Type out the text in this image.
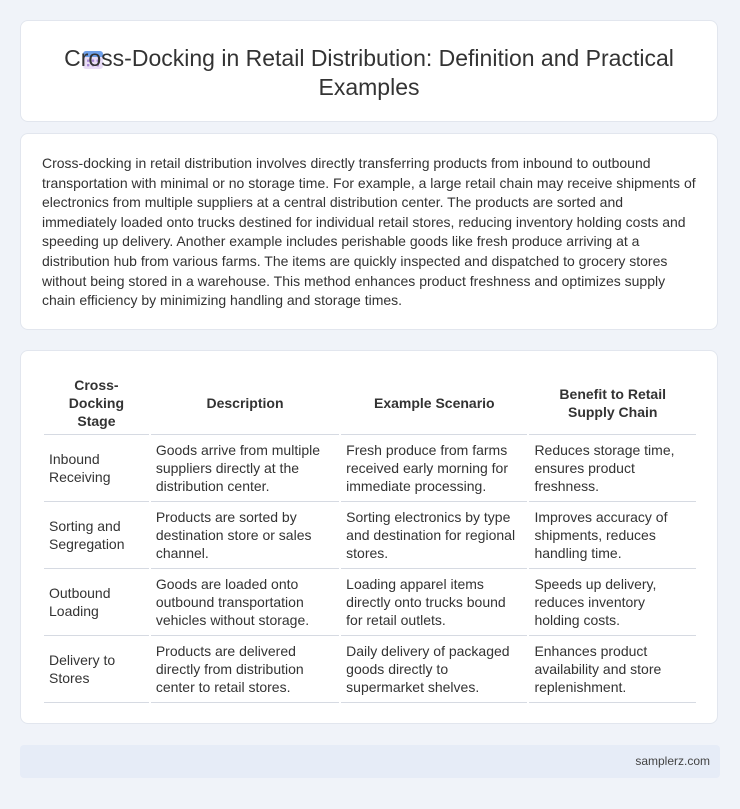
Cross-Docking in Retail Distribution: Definition and Practical Examples
Cross-docking in retail distribution involves directly transferring products from inbound to outbound transportation with minimal or no storage time. For example, a large retail chain may receive shipments of electronics from multiple suppliers at a central distribution center. The products are sorted and immediately loaded onto trucks destined for individual retail stores, reducing inventory holding costs and speeding up delivery. Another example includes perishable goods like fresh produce arriving at a distribution hub from various farms. The items are quickly inspected and dispatched to grocery stores without being stored in a warehouse. This method enhances product freshness and optimizes supply chain efficiency by minimizing handling and storage times.
Cross-Docking Stage	Description	Example Scenario	Benefit to Retail Supply Chain
Inbound Receiving	Goods arrive from multiple suppliers directly at the distribution center.	Fresh produce from farms received early morning for immediate processing.	Reduces storage time, ensures product freshness.
Sorting and Segregation	Products are sorted by destination store or sales channel.	Sorting electronics by type and destination for regional stores.	Improves accuracy of shipments, reduces handling time.
Outbound Loading	Goods are loaded onto outbound transportation vehicles without storage.	Loading apparel items directly onto trucks bound for retail outlets.	Speeds up delivery, reduces inventory holding costs.
Delivery to Stores	Products are delivered directly from distribution center to retail stores.	Daily delivery of packaged goods directly to supermarket shelves.	Enhances product availability and store replenishment.
samplerz.com
